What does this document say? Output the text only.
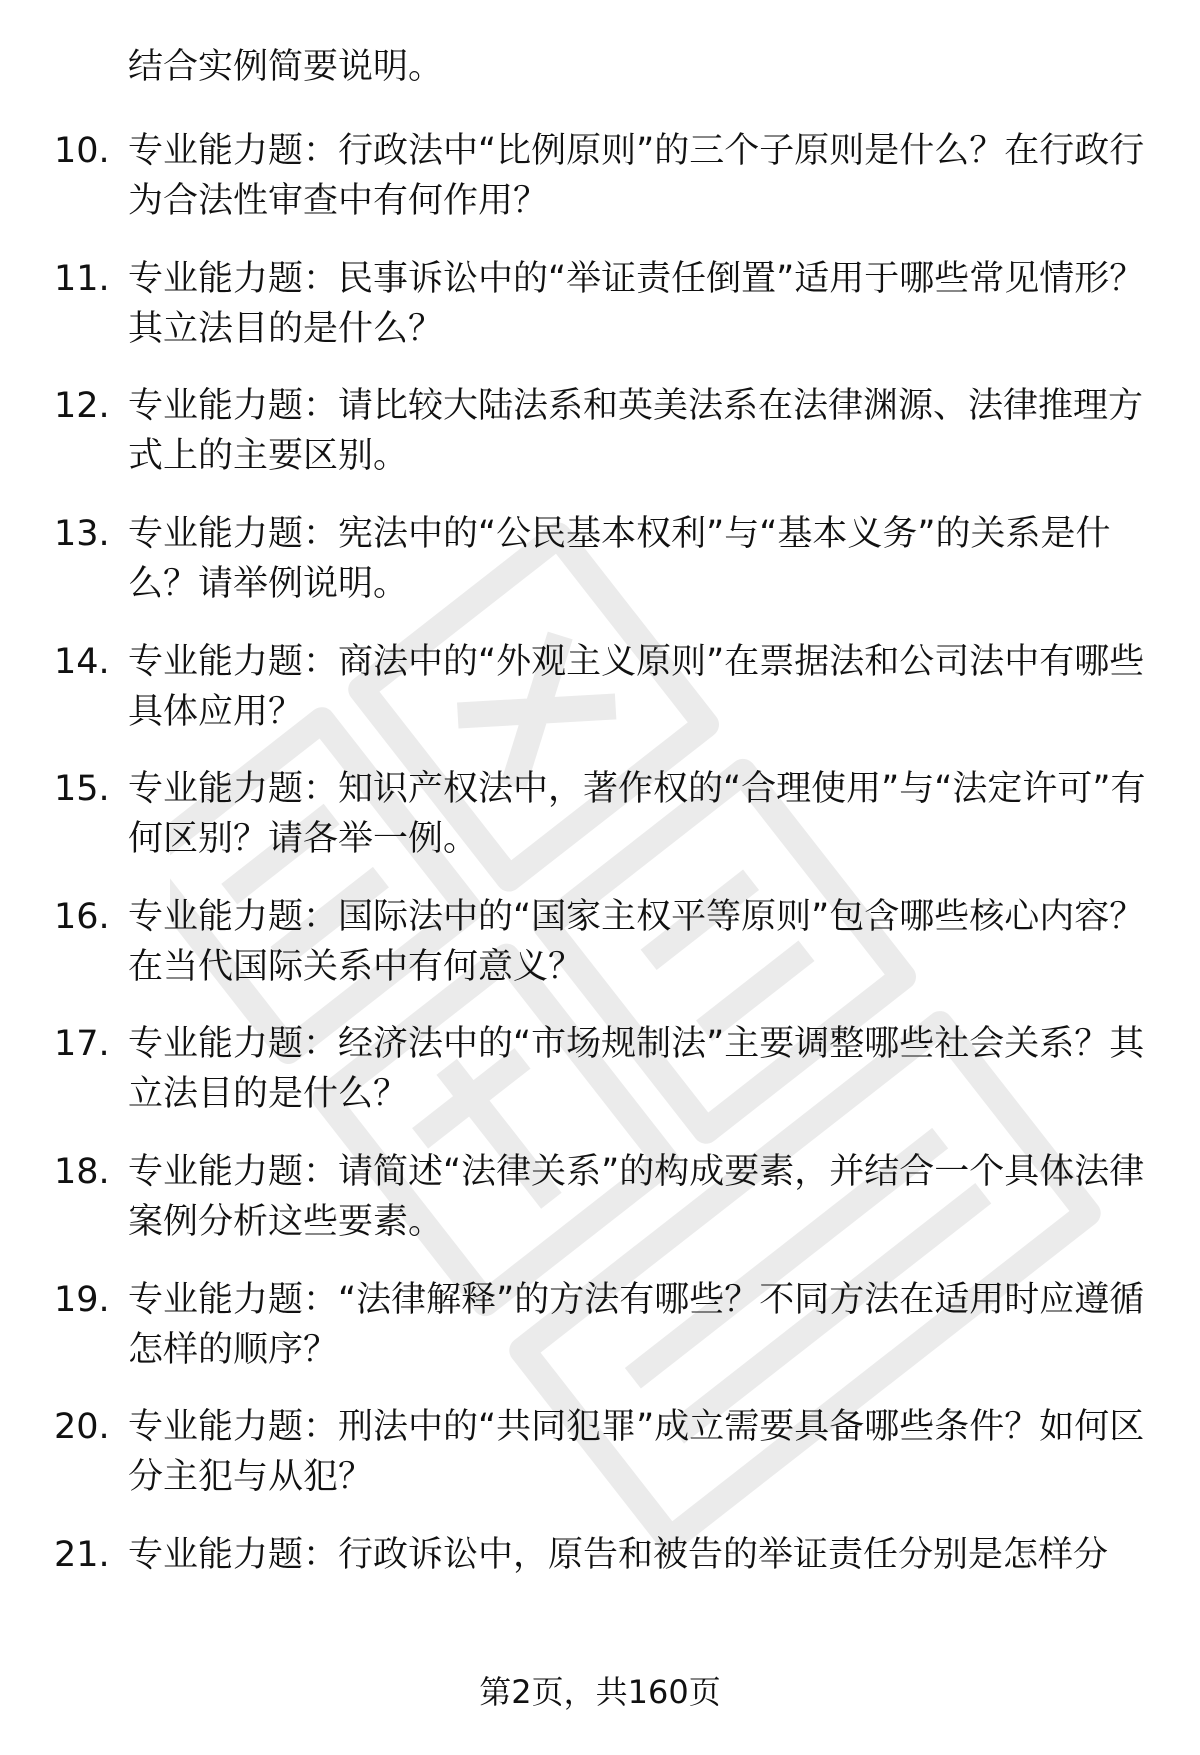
结合实例简要说明。
10. 专业能力题：行政法中“比例原则”的三个子原则是什么？在行政行为合法性审查中有何作用？
11. 专业能力题：民事诉讼中的“举证责任倒置”适用于哪些常见情形？其立法目的是什么？
12. 专业能力题：请比较大陆法系和英美法系在法律渊源、法律推理方式上的主要区别。
13. 专业能力题：宪法中的“公民基本权利”与“基本义务”的关系是什么？请举例说明。
14. 专业能力题：商法中的“外观主义原则”在票据法和公司法中有哪些具体应用？
15. 专业能力题：知识产权法中，著作权的“合理使用”与“法定许可”有何区别？请各举一例。
16. 专业能力题：国际法中的“国家主权平等原则”包含哪些核心内容？在当代国际关系中有何意义？
17. 专业能力题：经济法中的“市场规制法”主要调整哪些社会关系？其立法目的是什么？
18. 专业能力题：请简述“法律关系”的构成要素，并结合一个具体法律案例分析这些要素。
19. 专业能力题：“法律解释”的方法有哪些？不同方法在适用时应遵循怎样的顺序？
20. 专业能力题：刑法中的“共同犯罪”成立需要具备哪些条件？如何区分主犯与从犯？
21. 专业能力题：行政诉讼中，原告和被告的举证责任分别是怎样分
第2页，共160页
